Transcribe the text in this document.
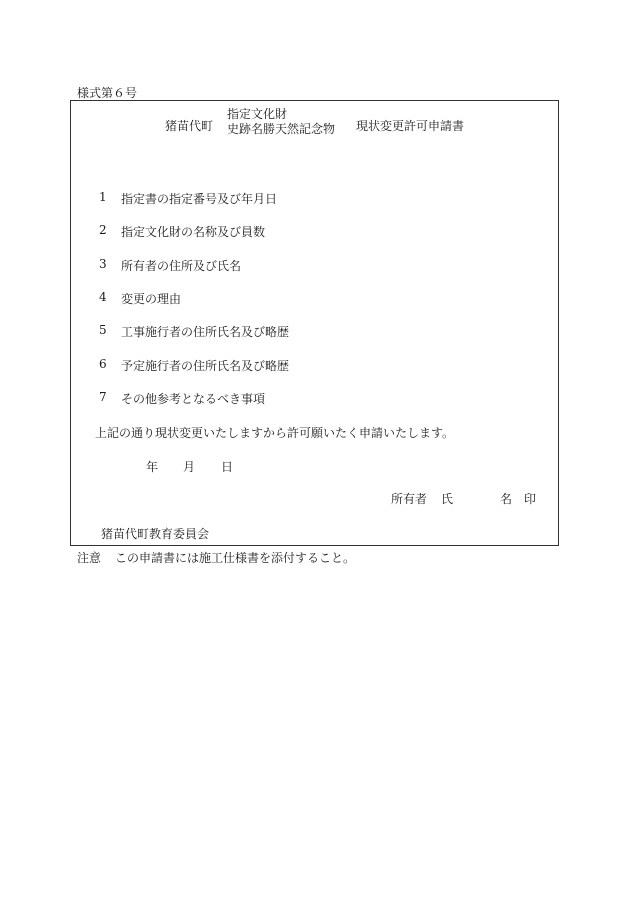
様式第６号
猪苗代町
指定文化財
史跡名勝天然記念物 現状変更許可申請書
1 指定書の指定番号及び年月日
2 指定文化財の名称及び員数
3 所有者の住所及び氏名
4 変更の理由
5 工事施行者の住所氏名及び略歴
6 予定施行者の住所氏名及び略歴
7 その他参考となるべき事項
上記の通り現状変更いたしますから許可願いたく申請いたします。
年 月 日
所有者 氏	名 印
猪苗代町教育委員会
注意 この申請書には施工仕様書を添付すること。
